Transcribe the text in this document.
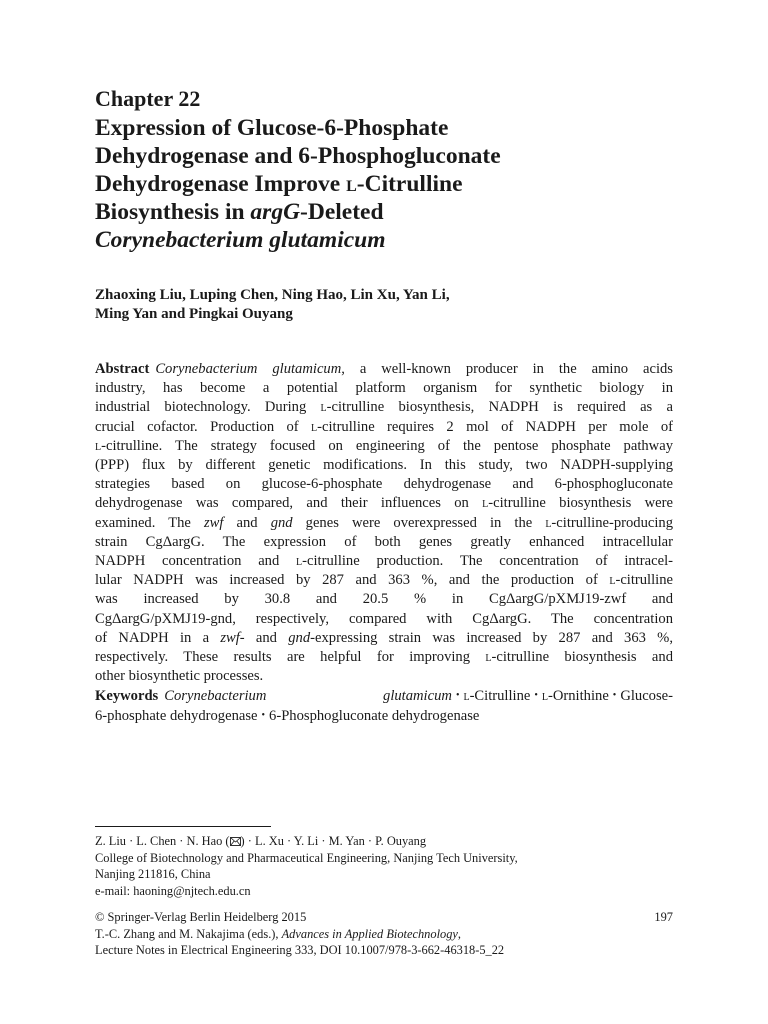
Chapter 22
Expression of Glucose-6-Phosphate
Dehydrogenase and 6-Phosphogluconate
Dehydrogenase Improve l-Citrulline
Biosynthesis in argG-Deleted
Corynebacterium glutamicum
Zhaoxing Liu, Luping Chen, Ning Hao, Lin Xu, Yan Li,
Ming Yan and Pingkai Ouyang
Abstract Corynebacterium glutamicum, a well-known producer in the amino acids
industry, has become a potential platform organism for synthetic biology in
industrial biotechnology. During l-citrulline biosynthesis, NADPH is required as a
crucial cofactor. Production of l-citrulline requires 2 mol of NADPH per mole of
l-citrulline. The strategy focused on engineering of the pentose phosphate pathway
(PPP) flux by different genetic modifications. In this study, two NADPH-supplying
strategies based on glucose-6-phosphate dehydrogenase and 6-phosphogluconate
dehydrogenase was compared, and their influences on l-citrulline biosynthesis were
examined. The zwf and gnd genes were overexpressed in the l-citrulline-producing
strain CgΔargG. The expression of both genes greatly enhanced intracellular
NADPH concentration and l-citrulline production. The concentration of intracel-
lular NADPH was increased by 287 and 363 %, and the production of l-citrulline
was increased by 30.8 and 20.5 % in CgΔargG/pXMJ19-zwf and
CgΔargG/pXMJ19-gnd, respectively, compared with CgΔargG. The concentration
of NADPH in a zwf- and gnd-expressing strain was increased by 287 and 363 %,
respectively. These results are helpful for improving l-citrulline biosynthesis and
other biosynthetic processes.
Keywords Corynebacterium glutamicum • l-Citrulline • l-Ornithine • Glucose-
6-phosphate dehydrogenase • 6-Phosphogluconate dehydrogenase
Z. Liu · L. Chen · N. Hao ( ) · L. Xu · Y. Li · M. Yan · P. Ouyang
College of Biotechnology and Pharmaceutical Engineering, Nanjing Tech University,
Nanjing 211816, China
e-mail: haoning@njtech.edu.cn
© Springer-Verlag Berlin Heidelberg 2015
T.-C. Zhang and M. Nakajima (eds.), Advances in Applied Biotechnology,
Lecture Notes in Electrical Engineering 333, DOI 10.1007/978-3-662-46318-5_22
197
